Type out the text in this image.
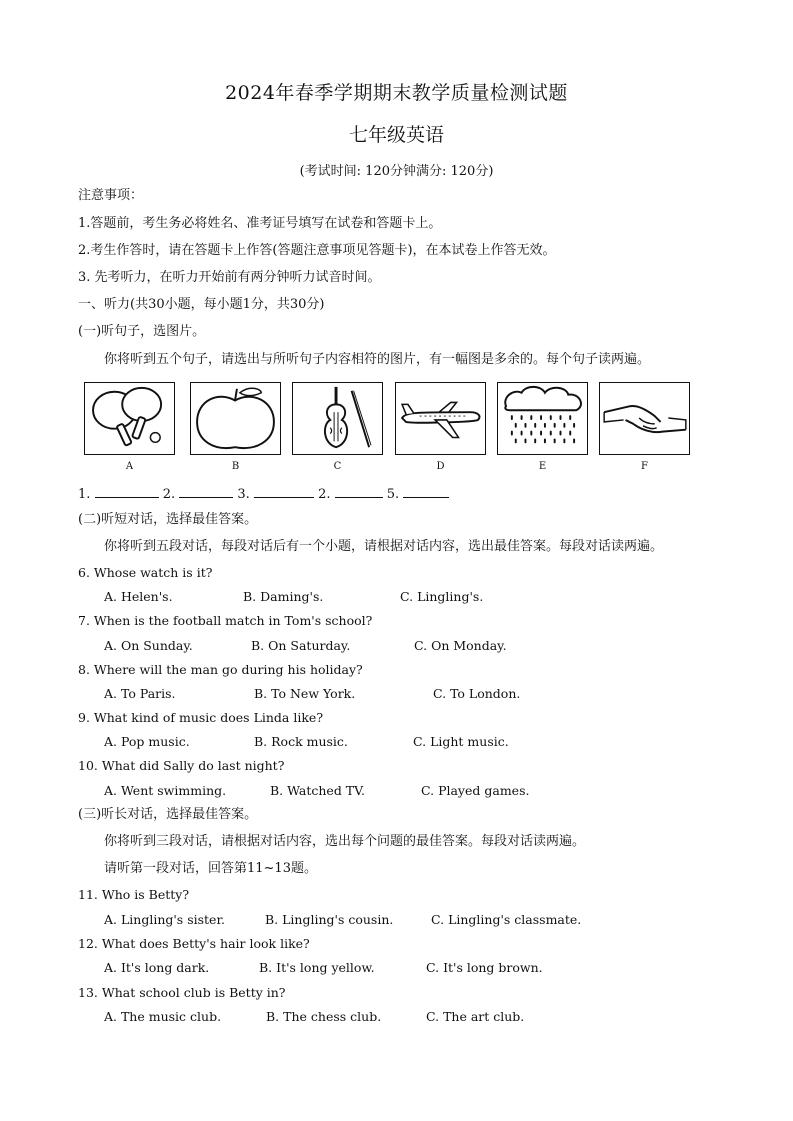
2024年春季学期期末教学质量检测试题
七年级英语
(考试时间: 120分钟满分: 120分)
注意事项：
1.答题前，考生务必将姓名、准考证号填写在试卷和答题卡上。
2.考生作答时，请在答题卡上作答(答题注意事项见答题卡)，在本试卷上作答无效。
3. 先考听力，在听力开始前有两分钟听力试音时间。
一、听力(共30小题，每小题1分，共30分)
(一)听句子，选图片。
你将听到五个句子，请选出与所听句子内容相符的图片，有一幅图是多余的。每个句子读两遍。
A	B	C	D	E	F
1.	2.	3.	2.	5.
(二)听短对话，选择最佳答案。
你将听到五段对话，每段对话后有一个小题，请根据对话内容，选出最佳答案。每段对话读两遍。
6. Whose watch is it?
A. Helen's.	B. Daming's.	C. Lingling's.
7. When is the football match in Tom's school?
A. On Sunday.	B. On Saturday.	C. On Monday.
8. Where will the man go during his holiday?
A. To Paris.	B. To New York.	C. To London.
9. What kind of music does Linda like?
A. Pop music.	B. Rock music.	C. Light music.
10. What did Sally do last night?
A. Went swimming.	B. Watched TV.	C. Played games.
(三)听长对话，选择最佳答案。
你将听到三段对话，请根据对话内容，选出每个问题的最佳答案。每段对话读两遍。
请听第一段对话，回答第11~13题。
11. Who is Betty?
A. Lingling's sister.	B. Lingling's cousin.	C. Lingling's classmate.
12. What does Betty's hair look like?
A. It's long dark.	B. It's long yellow.	C. It's long brown.
13. What school club is Betty in?
A. The music club.	B. The chess club.	C. The art club.
